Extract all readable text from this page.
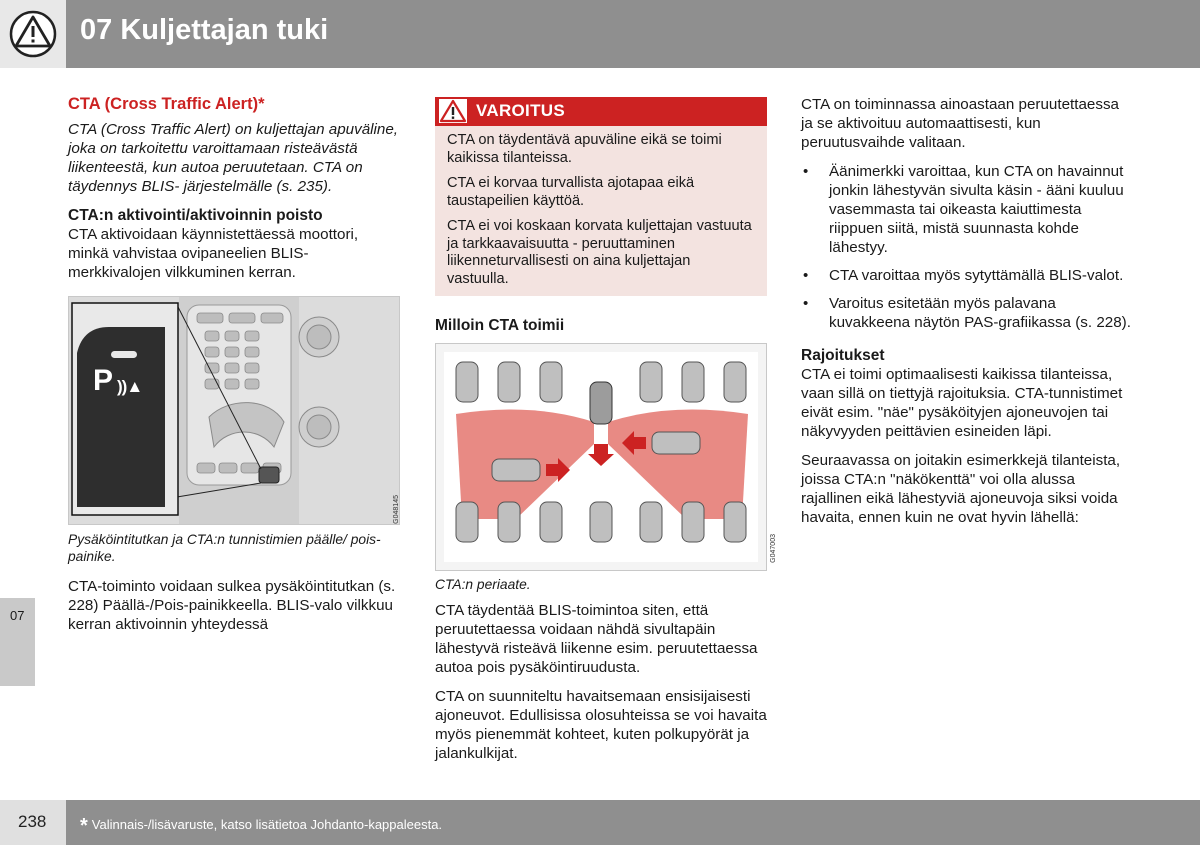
07 Kuljettajan tuki
07
CTA (Cross Traffic Alert)*

CTA (Cross Traffic Alert) on kuljettajan apuväline, joka on tarkoitettu varoittamaan risteävästä liikenteestä, kun autoa peruutetaan. CTA on täydennys BLIS- järjestelmälle (s. 235).

CTA:n aktivointi/aktivoinnin poisto

CTA aktivoidaan käynnistettäessä moottori, minkä vahvistaa ovipaneelien BLIS-merkkivalojen vilkkuminen kerran.

P ))▲
G048145
Pysäköintitutkan ja CTA:n tunnistimien päälle/ pois-painike.

CTA-toiminto voidaan sulkea pysäköintitutkan (s. 228) Päällä-/Pois-painikkeella. BLIS-valo vilkkuu kerran aktivoinnin yhteydessä

VAROITUS

CTA on täydentävä apuväline eikä se toimi kaikissa tilanteissa.

CTA ei korvaa turvallista ajotapaa eikä taustapeilien käyttöä.

CTA ei voi koskaan korvata kuljettajan vastuuta ja tarkkaavaisuutta - peruuttaminen liikenneturvallisesti on aina kuljettajan vastuulla.

Milloin CTA toimii
G047003
CTA:n periaate.

CTA täydentää BLIS-toimintoa siten, että peruutettaessa voidaan nähdä sivultapäin lähestyvä risteävä liikenne esim. peruutettaessa autoa pois pysäköintiruudusta.

CTA on suunniteltu havaitsemaan ensisijaisesti ajoneuvot. Edullisissa olosuhteissa se voi havaita myös pienemmät kohteet, kuten polkupyörät ja jalankulkijat.

CTA on toiminnassa ainoastaan peruutettaessa ja se aktivoituu automaattisesti, kun peruutusvaihde valitaan.

• Äänimerkki varoittaa, kun CTA on havainnut jonkin lähestyvän sivulta käsin - ääni kuuluu vasemmasta tai oikeasta kaiuttimesta riippuen siitä, mistä suunnasta kohde lähestyy.
• CTA varoittaa myös sytyttämällä BLIS-valot.
• Varoitus esitetään myös palavana kuvakkeena näytön PAS-grafiikassa (s. 228).
Rajoitukset

CTA ei toimi optimaalisesti kaikissa tilanteissa, vaan sillä on tiettyjä rajoituksia. CTA-tunnistimet eivät esim. "näe" pysäköityjen ajoneuvojen tai näkyvyyden peittävien esineiden läpi.

Seuraavassa on joitakin esimerkkejä tilanteista, joissa CTA:n "näkökenttä" voi olla alussa rajallinen eikä lähestyviä ajoneuvoja siksi voida havaita, ennen kuin ne ovat hyvin lähellä:

238 * Valinnais-/lisävaruste, katso lisätietoa Johdanto-kappaleesta.
